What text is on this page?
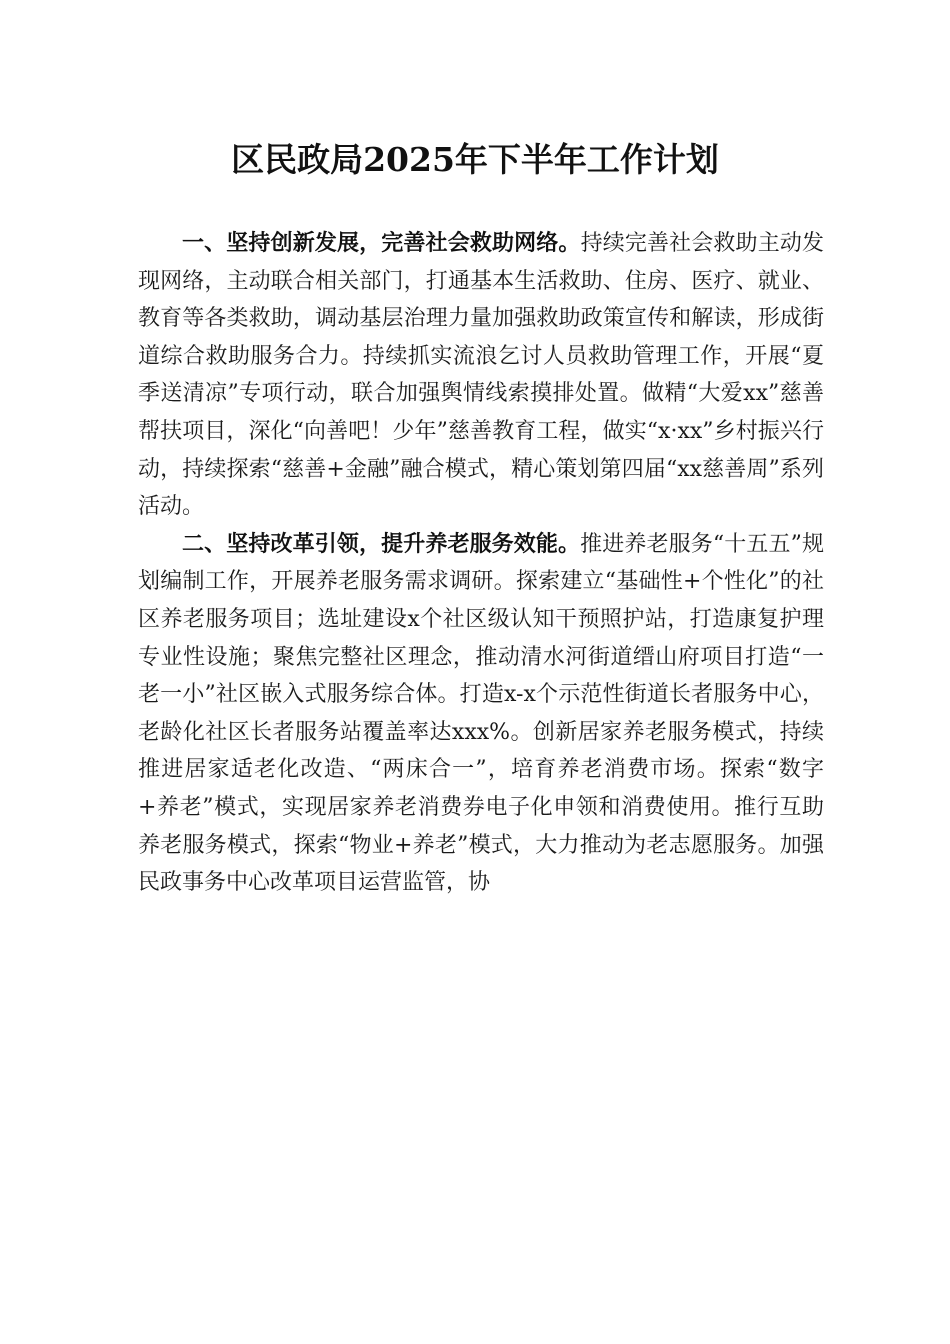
区民政局2025年下半年工作计划

一、坚持创新发展，完善社会救助网络。持续完善社会救助主动发现网络，主动联合相关部门，打通基本生活救助、住房、医疗、就业、教育等各类救助，调动基层治理力量加强救助政策宣传和解读，形成街道综合救助服务合力。持续抓实流浪乞讨人员救助管理工作，开展“夏季送清凉”专项行动，联合加强舆情线索摸排处置。做精“大爱xx”慈善帮扶项目，深化“向善吧！少年”慈善教育工程，做实“x·xx”乡村振兴行动，持续探索“慈善+金融”融合模式，精心策划第四届“xx慈善周”系列活动。

二、坚持改革引领，提升养老服务效能。推进养老服务“十五五”规划编制工作，开展养老服务需求调研。探索建立“基础性+个性化”的社区养老服务项目；选址建设x个社区级认知干预照护站，打造康复护理专业性设施；聚焦完整社区理念，推动清水河街道缙山府项目打造“一老一小”社区嵌入式服务综合体。打造x-x个示范性街道长者服务中心，老龄化社区长者服务站覆盖率达xxx%。创新居家养老服务模式，持续推进居家适老化改造、“两床合一”，培育养老消费市场。探索“数字+养老”模式，实现居家养老消费券电子化申领和消费使用。推行互助养老服务模式，探索“物业+养老”模式，大力推动为老志愿服务。加强民政事务中心改革项目运营监管，协
